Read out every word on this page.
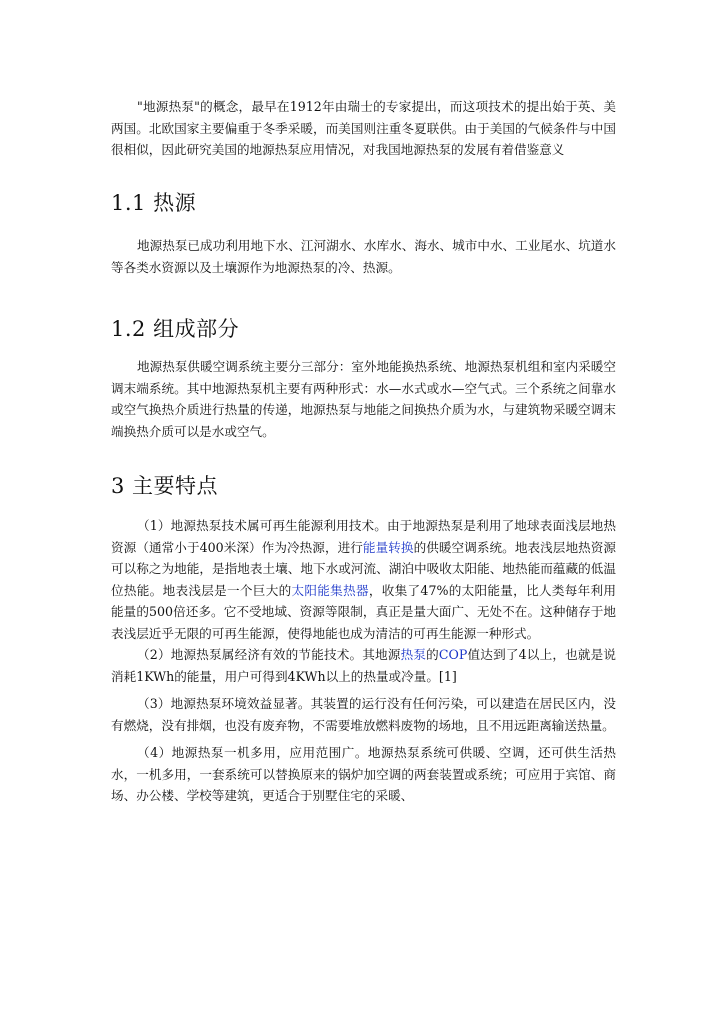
"地源热泵"的概念，最早在1912年由瑞士的专家提出，而这项技术的提出始于英、美两国。北欧国家主要偏重于冬季采暖，而美国则注重冬夏联供。由于美国的气候条件与中国很相似，因此研究美国的地源热泵应用情况，对我国地源热泵的发展有着借鉴意义

1.1 热源

地源热泵已成功利用地下水、江河湖水、水库水、海水、城市中水、工业尾水、坑道水等各类水资源以及土壤源作为地源热泵的冷、热源。

1.2 组成部分

地源热泵供暖空调系统主要分三部分：室外地能换热系统、地源热泵机组和室内采暖空调末端系统。其中地源热泵机主要有两种形式：水—水式或水—空气式。三个系统之间靠水或空气换热介质进行热量的传递，地源热泵与地能之间换热介质为水，与建筑物采暖空调末端换热介质可以是水或空气。

3 主要特点

（1）地源热泵技术属可再生能源利用技术。由于地源热泵是利用了地球表面浅层地热资源（通常小于400米深）作为冷热源，进行能量转换的供暖空调系统。地表浅层地热资源可以称之为地能，是指地表土壤、地下水或河流、湖泊中吸收太阳能、地热能而蕴藏的低温位热能。地表浅层是一个巨大的太阳能集热器，收集了47%的太阳能量，比人类每年利用能量的500倍还多。它不受地域、资源等限制，真正是量大面广、无处不在。这种储存于地表浅层近乎无限的可再生能源，使得地能也成为清洁的可再生能源一种形式。

（2）地源热泵属经济有效的节能技术。其地源热泵的COP值达到了4以上，也就是说消耗1KWh的能量，用户可得到4KWh以上的热量或冷量。[1]

（3）地源热泵环境效益显著。其装置的运行没有任何污染，可以建造在居民区内，没有燃烧，没有排烟，也没有废弃物，不需要堆放燃料废物的场地，且不用远距离输送热量。

（4）地源热泵一机多用，应用范围广。地源热泵系统可供暖、空调，还可供生活热水，一机多用，一套系统可以替换原来的锅炉加空调的两套装置或系统；可应用于宾馆、商场、办公楼、学校等建筑，更适合于别墅住宅的采暖、
